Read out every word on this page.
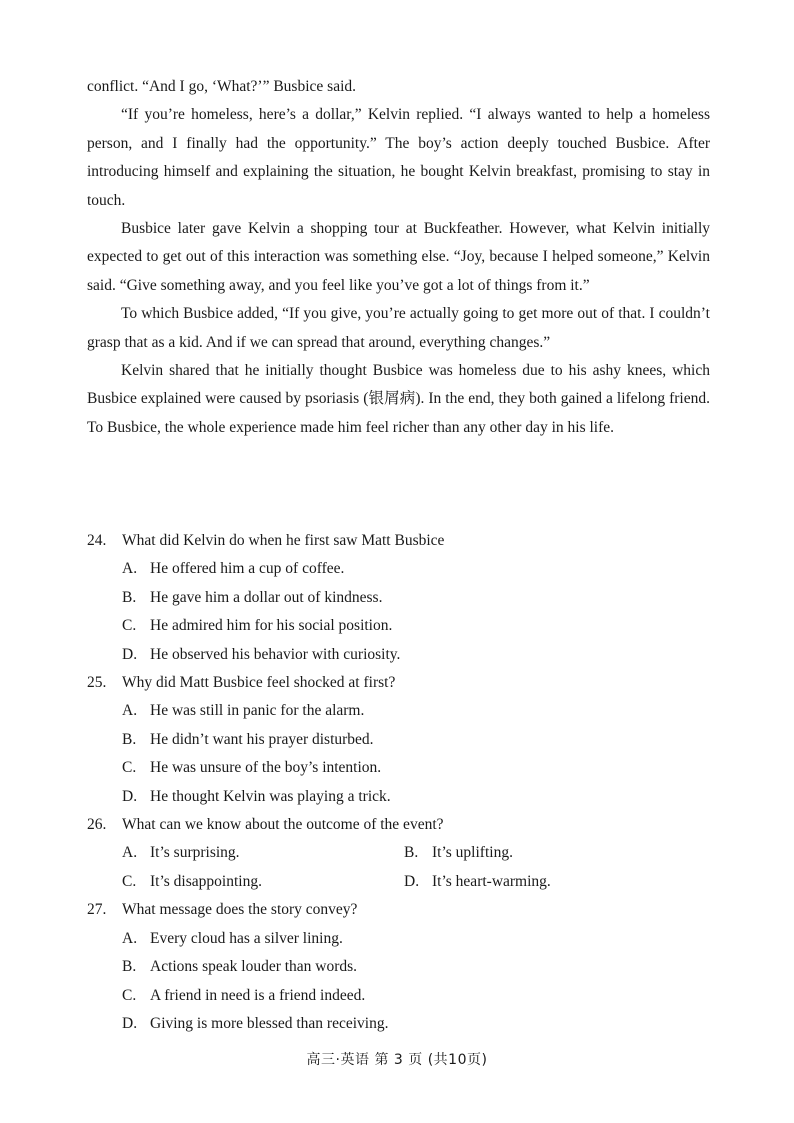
conflict. “And I go, ‘What?’” Busbice said.

“If you’re homeless, here’s a dollar,” Kelvin replied. “I always wanted to help a homeless person, and I finally had the opportunity.” The boy’s action deeply touched Busbice. After introducing himself and explaining the situation, he bought Kelvin breakfast, promising to stay in touch.

Busbice later gave Kelvin a shopping tour at Buckfeather. However, what Kelvin initially expected to get out of this interaction was something else. “Joy, because I helped someone,” Kelvin said. “Give something away, and you feel like you’ve got a lot of things from it.”

To which Busbice added, “If you give, you’re actually going to get more out of that. I couldn’t grasp that as a kid. And if we can spread that around, everything changes.”

Kelvin shared that he initially thought Busbice was homeless due to his ashy knees, which Busbice explained were caused by psoriasis (银屑病). In the end, they both gained a lifelong friend. To Busbice, the whole experience made him feel richer than any other day in his life.

24. What did Kelvin do when he first saw Matt Busbice
A. He offered him a cup of coffee.
B. He gave him a dollar out of kindness.
C. He admired him for his social position.
D. He observed his behavior with curiosity.
25. Why did Matt Busbice feel shocked at first?
A. He was still in panic for the alarm.
B. He didn’t want his prayer disturbed.
C. He was unsure of the boy’s intention.
D. He thought Kelvin was playing a trick.
26. What can we know about the outcome of the event?
A. It’s surprising.	B. It’s uplifting.
C. It’s disappointing.	D. It’s heart-warming.
27. What message does the story convey?
A. Every cloud has a silver lining.
B. Actions speak louder than words.
C. A friend in need is a friend indeed.
D. Giving is more blessed than receiving.
高三·英语 第 3 页 (共10页)
